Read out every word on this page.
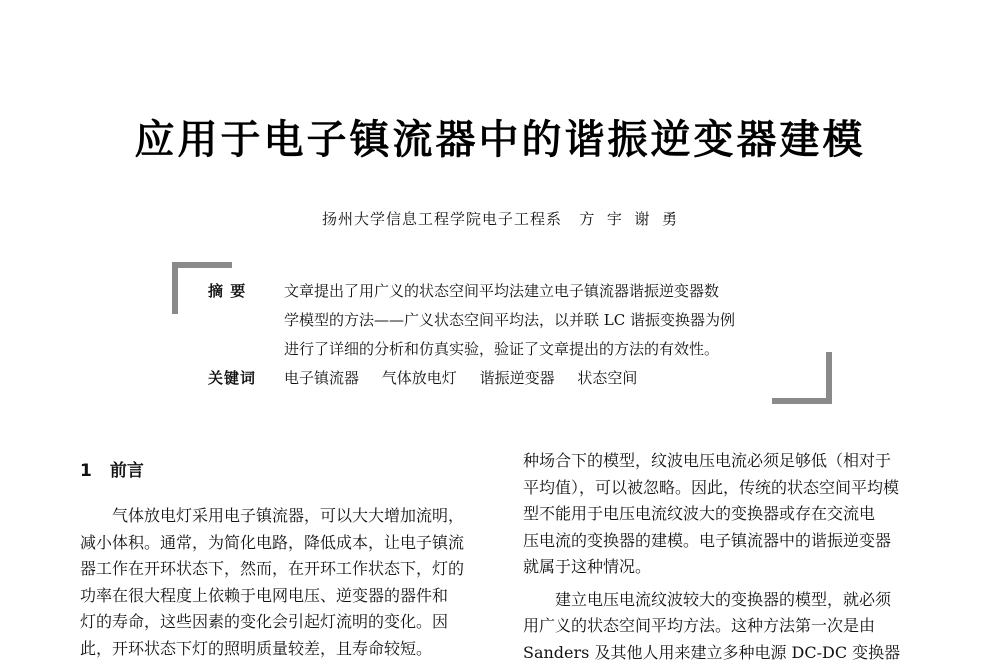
应用于电子镇流器中的谐振逆变器建模
扬州大学信息工程学院电子工程系   方  宇  谢  勇
摘 要	文章提出了用广义的状态空间平均法建立电子镇流器谐振逆变器数
学模型的方法——广义状态空间平均法，以并联 LC 谐振变换器为例
进行了详细的分析和仿真实验，验证了文章提出的方法的有效性。
关键词	电子镇流器 气体放电灯 谐振逆变器 状态空间
1 前言

气体放电灯采用电子镇流器，可以大大增加流明，
减小体积。通常，为简化电路，降低成本，让电子镇流
器工作在开环状态下，然而，在开环工作状态下，灯的
功率在很大程度上依赖于电网电压、逆变器的器件和
灯的寿命，这些因素的变化会引起灯流明的变化。因
此，开环状态下灯的照明质量较差，且寿命较短。

种场合下的模型，纹波电压电流必须足够低（相对于
平均值），可以被忽略。因此，传统的状态空间平均模
型不能用于电压电流纹波大的变换器或存在交流电
压电流的变换器的建模。电子镇流器中的谐振逆变器
就属于这种情况。

建立电压电流纹波较大的变换器的模型，就必须
用广义的状态空间平均方法。这种方法第一次是由
Sanders 及其他人用来建立多种电源 DC-DC 变换器
